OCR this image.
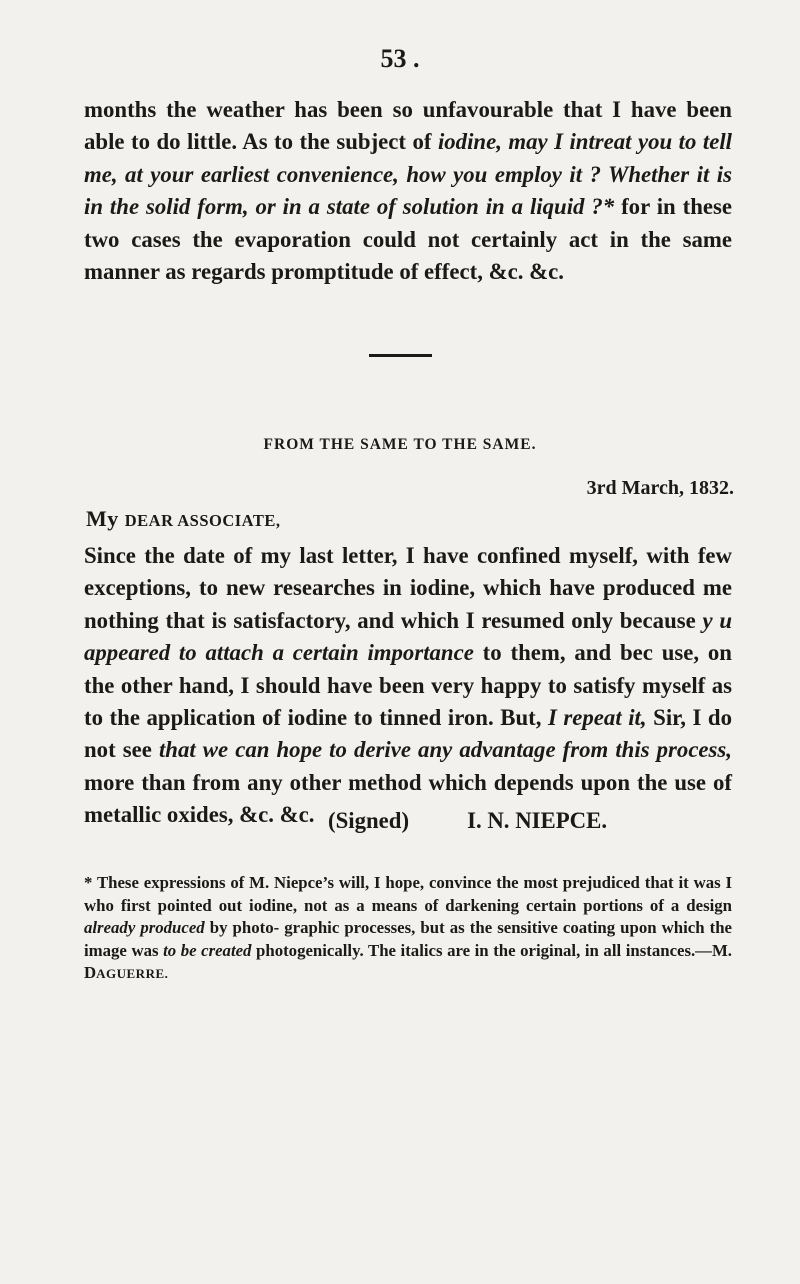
53 .
months the weather has been so unfavourable that I have been able to do little. As to the subject of iodine, may I intreat you to tell me, at your earliest convenience, how you employ it ? Whether it is in the solid form, or in a state of solution in a liquid ?* for in these two cases the evaporation could not certainly act in the same manner as regards promptitude of effect, &c. &c.
FROM THE SAME TO THE SAME.
3rd March, 1832.
My DEAR ASSOCIATE,
Since the date of my last letter, I have confined myself, with few exceptions, to new researches in iodine, which have produced me nothing that is satisfactory, and which I resumed only because y u appeared to attach a certain importance to them, and bec use, on the other hand, I should have been very happy to satisfy myself as to the application of iodine to tinned iron. But, I repeat it, Sir, I do not see that we can hope to derive any advantage from this process, more than from any other method which depends upon the use of metallic oxides, &c. &c. (Signed)	I. N. NIEPCE.
* These expressions of M. Niepce’s will, I hope, convince the most prejudiced that it was I who first pointed out iodine, not as a means of darkening certain portions of a design already produced by photo- graphic processes, but as the sensitive coating upon which the image was to be created photogenically. The italics are in the original, in all instances.—M. DAGUERRE.
